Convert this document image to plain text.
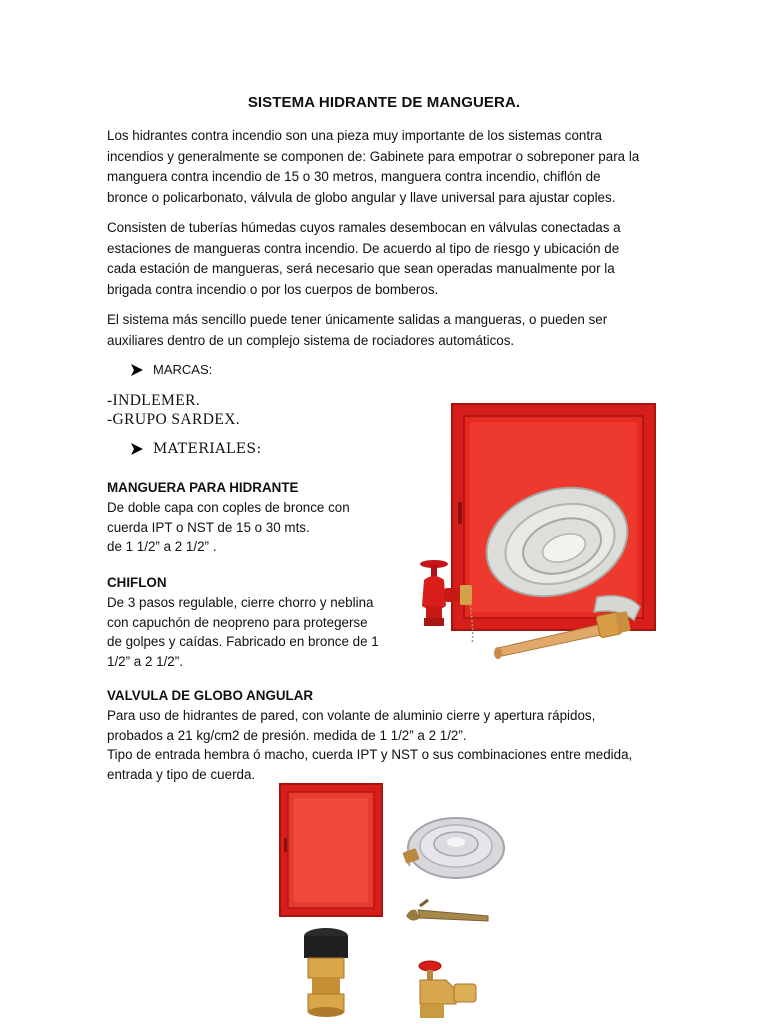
SISTEMA HIDRANTE DE MANGUERA.
Los hidrantes contra incendio son una pieza muy importante de los sistemas contra
incendios y generalmente se componen de: Gabinete para empotrar o sobreponer para la
manguera contra incendio de 15 o 30 metros, manguera contra incendio, chiflón de
bronce o policarbonato, válvula de globo angular y llave universal para ajustar coples.
Consisten de tuberías húmedas cuyos ramales desembocan en válvulas conectadas a
estaciones de mangueras contra incendio. De acuerdo al tipo de riesgo y ubicación de
cada estación de mangueras, será necesario que sean operadas manualmente por la
brigada contra incendio o por los cuerpos de bomberos.
El sistema más sencillo puede tener únicamente salidas a mangueras, o pueden ser
auxiliares dentro de un complejo sistema de rociadores automáticos.
MARCAS:
-INDLEMER.
-GRUPO SARDEX.
MATERIALES:
MANGUERA PARA HIDRANTE
De doble capa con coples de bronce con
cuerda IPT o NST de 15 o 30 mts.
de 1 1/2” a 2 1/2” .
CHIFLON
De 3 pasos regulable, cierre chorro y neblina
con capuchón de neopreno para protegerse
de golpes y caídas. Fabricado en bronce de 1
1/2” a 2 1/2”.
VALVULA DE GLOBO ANGULAR
Para uso de hidrantes de pared, con volante de aluminio cierre y apertura rápidos,
probados a 21 kg/cm2 de presión. medida de 1 1/2” a 2 1/2”.
Tipo de entrada hembra ó macho, cuerda IPT y NST o sus combinaciones entre medida,
entrada y tipo de cuerda.
